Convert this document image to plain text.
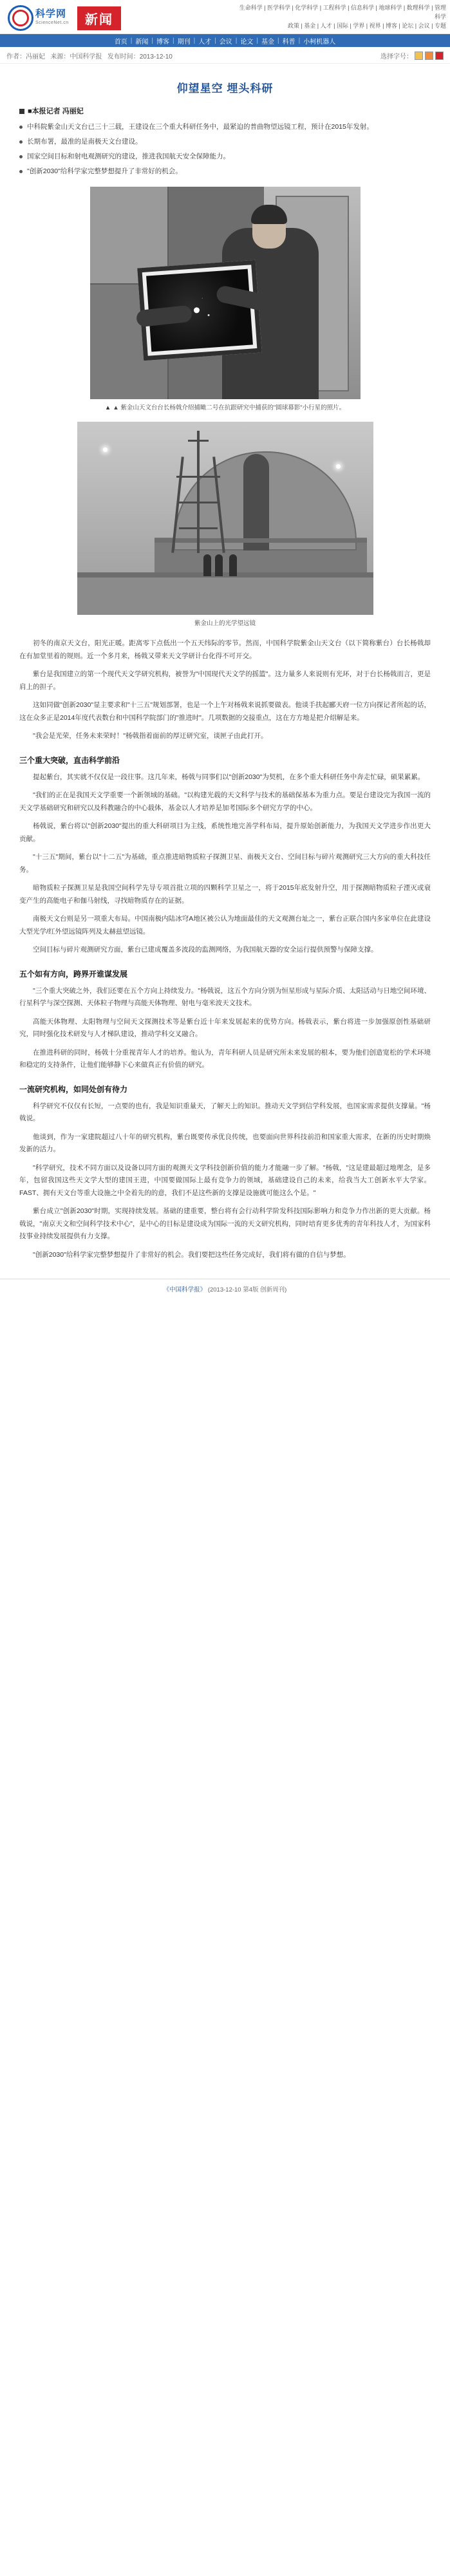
科学网
ScienceNet.cn	新闻
生命科学 | 医学科学 | 化学科学 | 工程科学 | 信息科学 | 地球科学 | 数理科学 | 管理科学
政策 | 基金 | 人才 | 国际 | 学界 | 视界 | 博客 | 论坛 | 会议 | 专题
首页 | 新闻 | 博客 | 期刊 | 人才 | 会议 | 论文 | 基金 | 科普 | 小柯机器人
作者：冯丽妃 来源：中国科学报 发布时间：2013-12-10	选择字号：
仰望星空 埋头科研
■本报记者 冯丽妃
中科院紫金山天文台已三十三载，王建设在三个重大科研任务中，最紧迫的普曲物望远镜工程，预计在2015年发射。
长期布署，最准的是南极天文台建设。
国家空间目标和射电观测研究的建设，推进我国航天安全保障能力。
"创新2030"给科学家完整梦想提升了非常好的机会。
▲ ▲ 紫金山天文台台长杨戟介绍捕瞰二号在抗跟研究中捕获的"圆球幕影"小行星的照片。
紫金山上的光学望远镜

初冬的南京天文台，阳光正暖。距离零下点低出一个五天纬际的零节。然而，中国科学院紫金山天文台（以下简称紫台）台长杨戟却在有加堂里着的规则。近一个多月来，杨戟又带来天文学研计台化得不可开交。

紫台是我国建立的第一个现代天文学研究机构，被誉为"中国现代天文学的摇篮"。这力量多人来说则有光环，对于台长杨戟而言，更是肩上的担子。

这如同做"创新2030"显主要求和"十三五"规划部署，也是一个上午对杨戟来说抓要做表。他谈手扶起郦天府一位方向探记者所起的话，这在众多正是2014年度代表数台和中国科学院部门的"推进时"。几项数据的交接重点，这在方方地是把介绍解是来。

"我会是光荣，任务未来荣时！"杨戟指着面前的厚迂研究室，谈匣子由此打开。

三个重大突破，直击科学前沿

提起紫台，其实就不仅仅是一段往事。这几年来，杨戟与同事们以"创新2030"为契机，在多个重大科研任务中奔走忙碌，硕果累累。

"我们的正在是我国天文学重要一个新领域的基础。"以构建光载的天文科学与技术的基础保基本为重力点。要是台建设完为我国一流的天文学基础研究和研究以及科教融合的中心载体，基金以人才培养是加考国际多个研究方学的中心。

杨戟说，紫台将以"创新2030"提出的重大科研项目为主线，系统性地完善学科布局，提升原始创新能力，为我国天文学进步作出更大贡献。

"十三五"期间，紫台以"十二五"为基础，重点推进暗物质粒子探测卫星、南极天文台、空间目标与碎片观测研究三大方向的重大科技任务。

暗物质粒子探测卫星是我国空间科学先导专项首批立项的四颗科学卫星之一，将于2015年底发射升空，用于探测暗物质粒子湮灭或衰变产生的高能电子和伽马射线，寻找暗物质存在的证据。

南极天文台则是另一项重大布局。中国南极内陆冰穹A地区被公认为地面最佳的天文观测台址之一，紫台正联合国内多家单位在此建设大型光学/红外望远镜阵列及太赫兹望远镜。

空间目标与碎片观测研究方面，紫台已建成覆盖多波段的监测网络，为我国航天器的安全运行提供预警与保障支撑。

五个如有方向，跨界开谁谋发展

"三个重大突破之外，我们还要在五个方向上持续发力。"杨戟说，这五个方向分别为恒星形成与星际介质、太阳活动与日地空间环境、行星科学与深空探测、天体粒子物理与高能天体物理、射电与毫米波天文技术。

高能天体物理、太阳物理与空间天文探测技术等是紫台近十年来发展起来的优势方向。杨戟表示，紫台将进一步加强原创性基础研究，同时强化技术研发与人才梯队建设，推动学科交叉融合。

在推进科研的同时，杨戟十分重视青年人才的培养。他认为，青年科研人员是研究所未来发展的根本，要为他们创造宽松的学术环境和稳定的支持条件，让他们能够静下心来做真正有价值的研究。

一流研究机构，如同处创有待力

科学研究不仅仅有长短，一点要的也有，我是知识重量天，了解天上的知识。推动天文学到信学科发展，也国家需求提供支撑量。"杨戟说。

他谈到，作为一家建院超过八十年的研究机构，紫台既要传承优良传统，也要面向世界科技前沿和国家重大需求，在新的历史时期焕发新的活力。

"科学研究，技术不同方面以及设备以同方面的观测天文学科技创新价值的能力才能融一步了解。"杨戟，"这是建最超过地理念，是多年，包留我国这些天文学大型的建国王进，中国要做国际上最有竞争力的领域，基础建设自己的未来，给我当大工创新水平大学家。FAST、拥有天文台等重大设施之中全着先的的意，我们不是这些新的支撑是设施就可能这么个是。"

紫台成立"创新2030"时期，实现持续发展。基础的建重要，整台将有会行动科学阶发科技国际影响力和竞争力作出新的更大贡献。杨戟说，"南京天文和空间科学技术中心"，是中心的目标是建设成为国际一流的天文研究机构，同时培育更多优秀的青年科技人才，为国家科技事业持续发展提供有力支撑。

"创新2030"给科学家完整梦想提升了非常好的机会。我们要把这些任务完成好，我们将有做的自信与梦想。

《中国科学报》 (2013-12-10 第4版 创新周刊)
